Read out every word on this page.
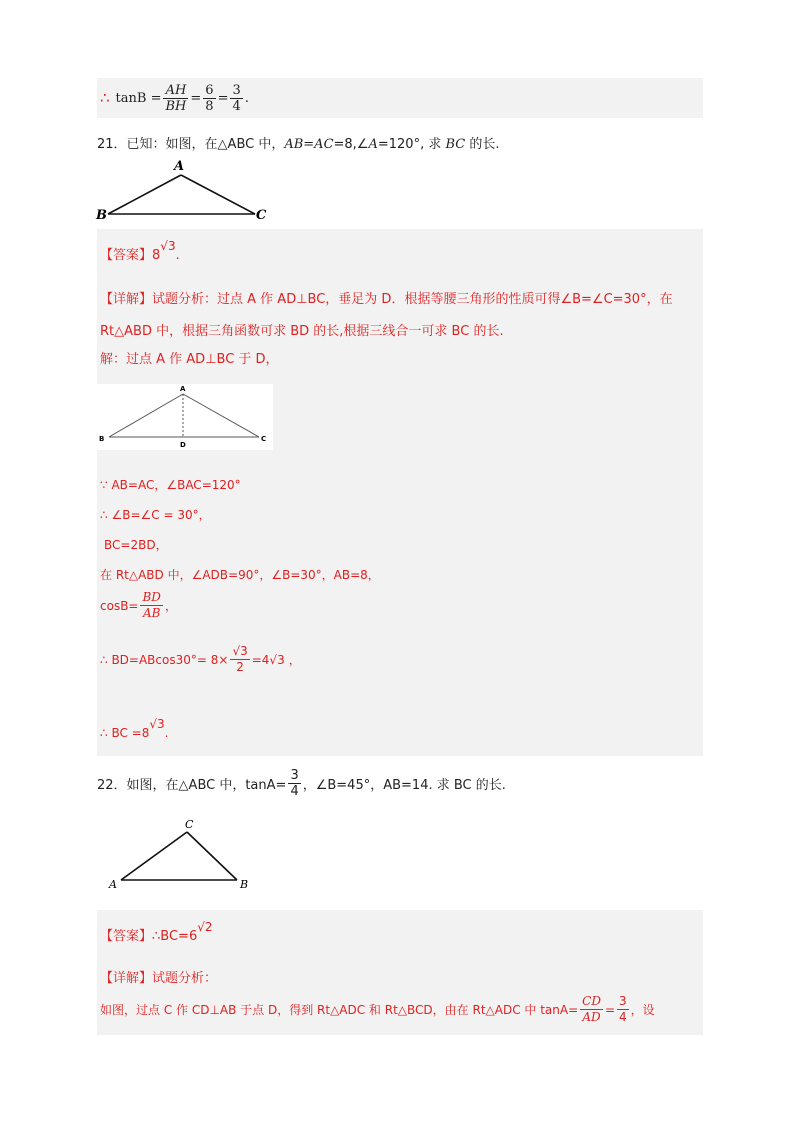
∴ $\tan B = \frac{AH}{BH} = \frac{6}{8} = \frac{3}{4}$ .
21．已知：如图，在△ABC 中，AB=AC=8,∠A=120°, 求 BC 的长.
A
B	C
【答案】8√3.
【详解】试题分析：过点 A 作 AD⊥BC，垂足为 D．根据等腰三角形的性质可得∠B=∠C=30°，在
Rt△ABD 中，根据三角函数可求 BD 的长,根据三线合一可求 BC 的长.
解：过点 A 作 AD⊥BC 于 D，
A
B	C
D
∵ AB=AC，∠BAC=120°
∴ ∠B=∠C = 30°，
BC=2BD，
在 Rt△ABD 中，∠ADB=90°，∠B=30°，AB=8，
$\cos B= \frac{BD}{AB}$ ，
∴ $BD=ABcos30^\circ= 8\times \frac{√3}{2} =4$ √3 ，
∴ BC =8√3.
22． 如图，在△ABC 中，$\tan A= \frac{3}{4}$ ，∠B=45°，AB=14. 求 BC 的长.
C
A	B
【答案】∴BC=6√2
【详解】试题分析：
如图，过点 C 作 CD⊥AB 于点 D，得到 Rt△ADC 和 Rt△BCD，由在 Rt△ADC 中 $\tan A= \frac{CD}{AD} = \frac{3}{4}$ ，设
